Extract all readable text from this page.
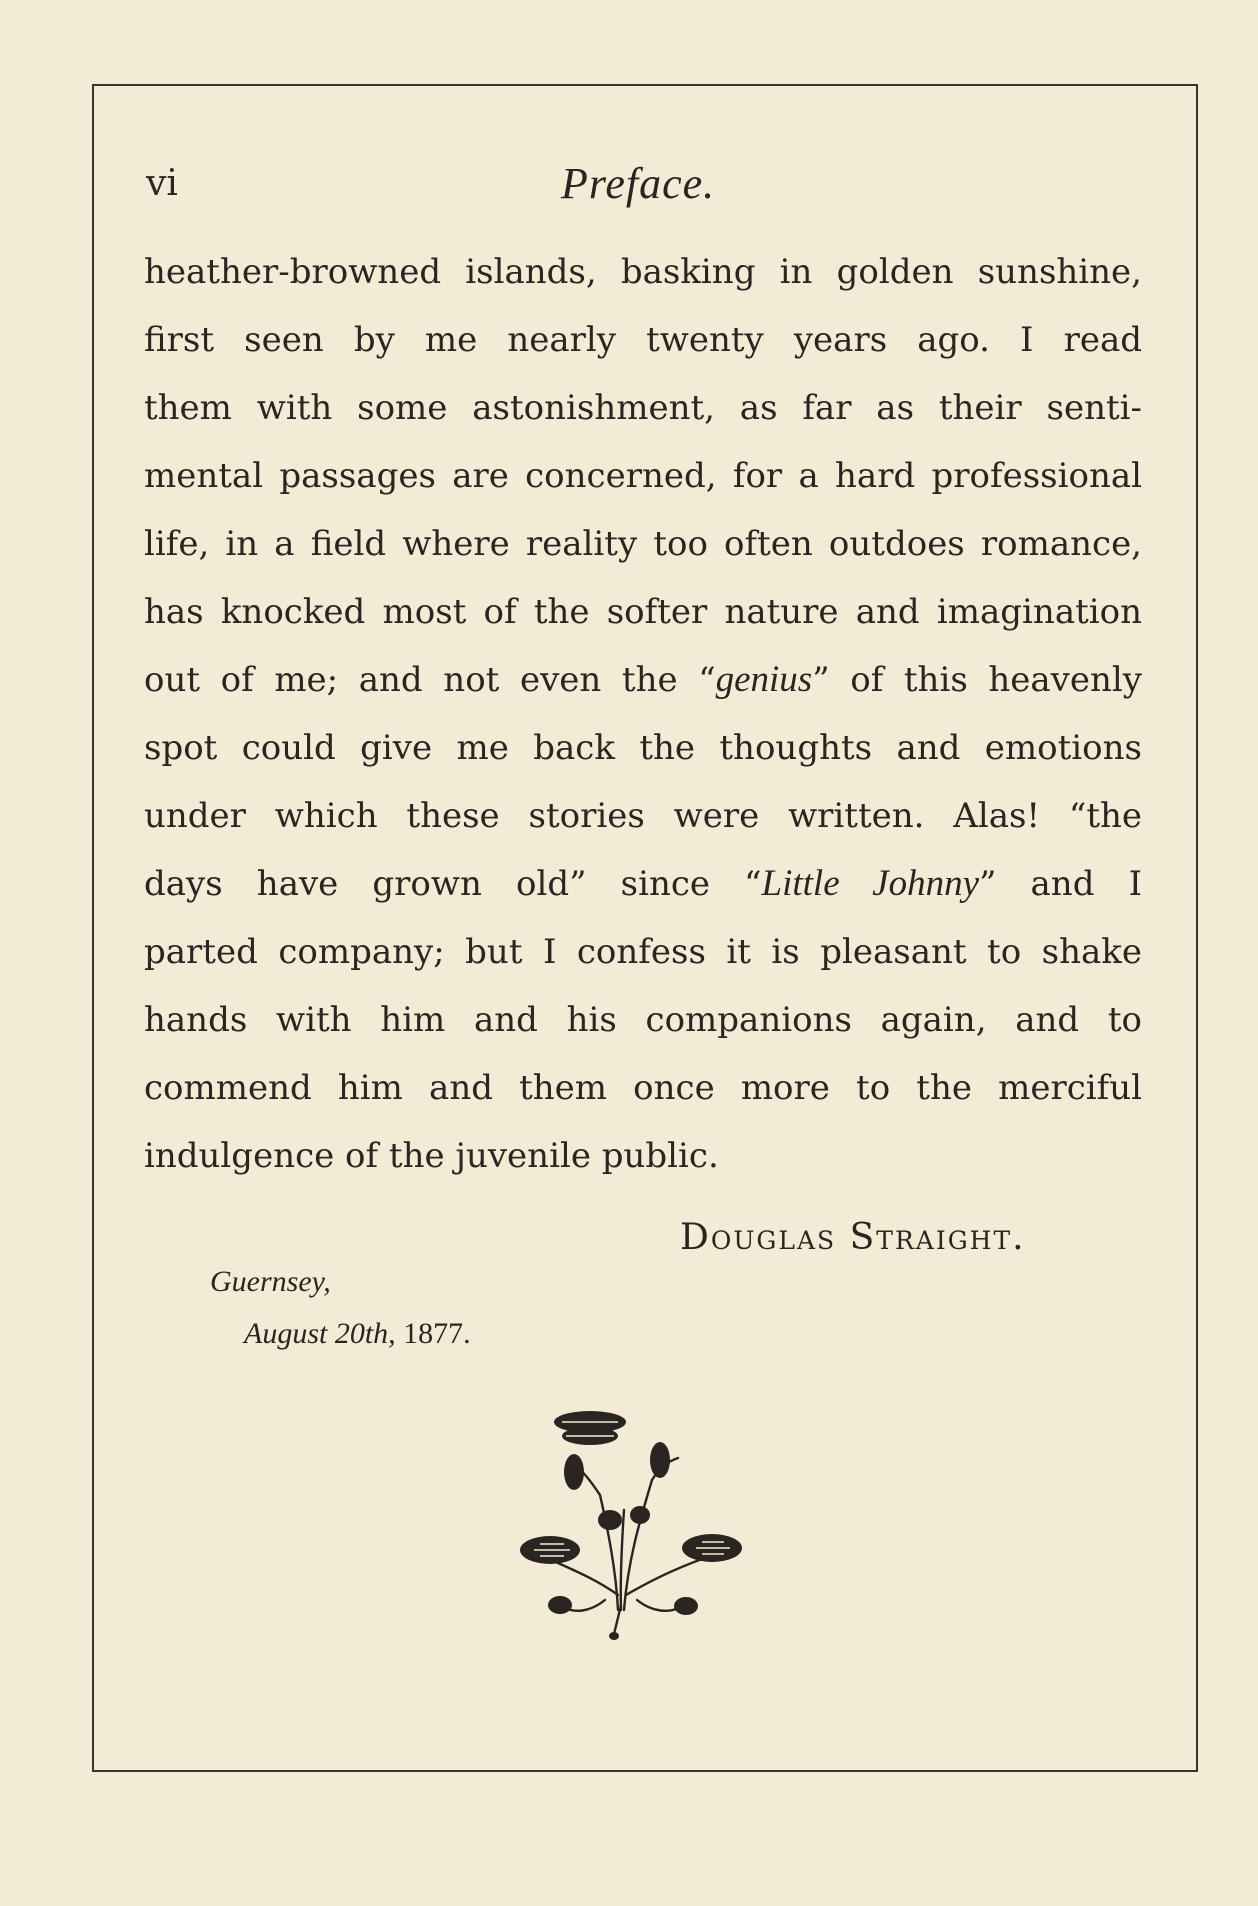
vi	Preface.
heather-browned islands, basking in golden sunshine,
first seen by me nearly twenty years ago. I read
them with some astonishment, as far as their senti-
mental passages are concerned, for a hard professional
life, in a field where reality too often outdoes romance,
has knocked most of the softer nature and imagination
out of me; and not even the “genius” of this heavenly
spot could give me back the thoughts and emotions
under which these stories were written. Alas! “the
days have grown old” since “Little Johnny” and I
parted company; but I confess it is pleasant to shake
hands with him and his companions again, and to
commend him and them once more to the merciful
indulgence of the juvenile public.
Douglas Straight.
Guernsey,
August 20th, 1877.
